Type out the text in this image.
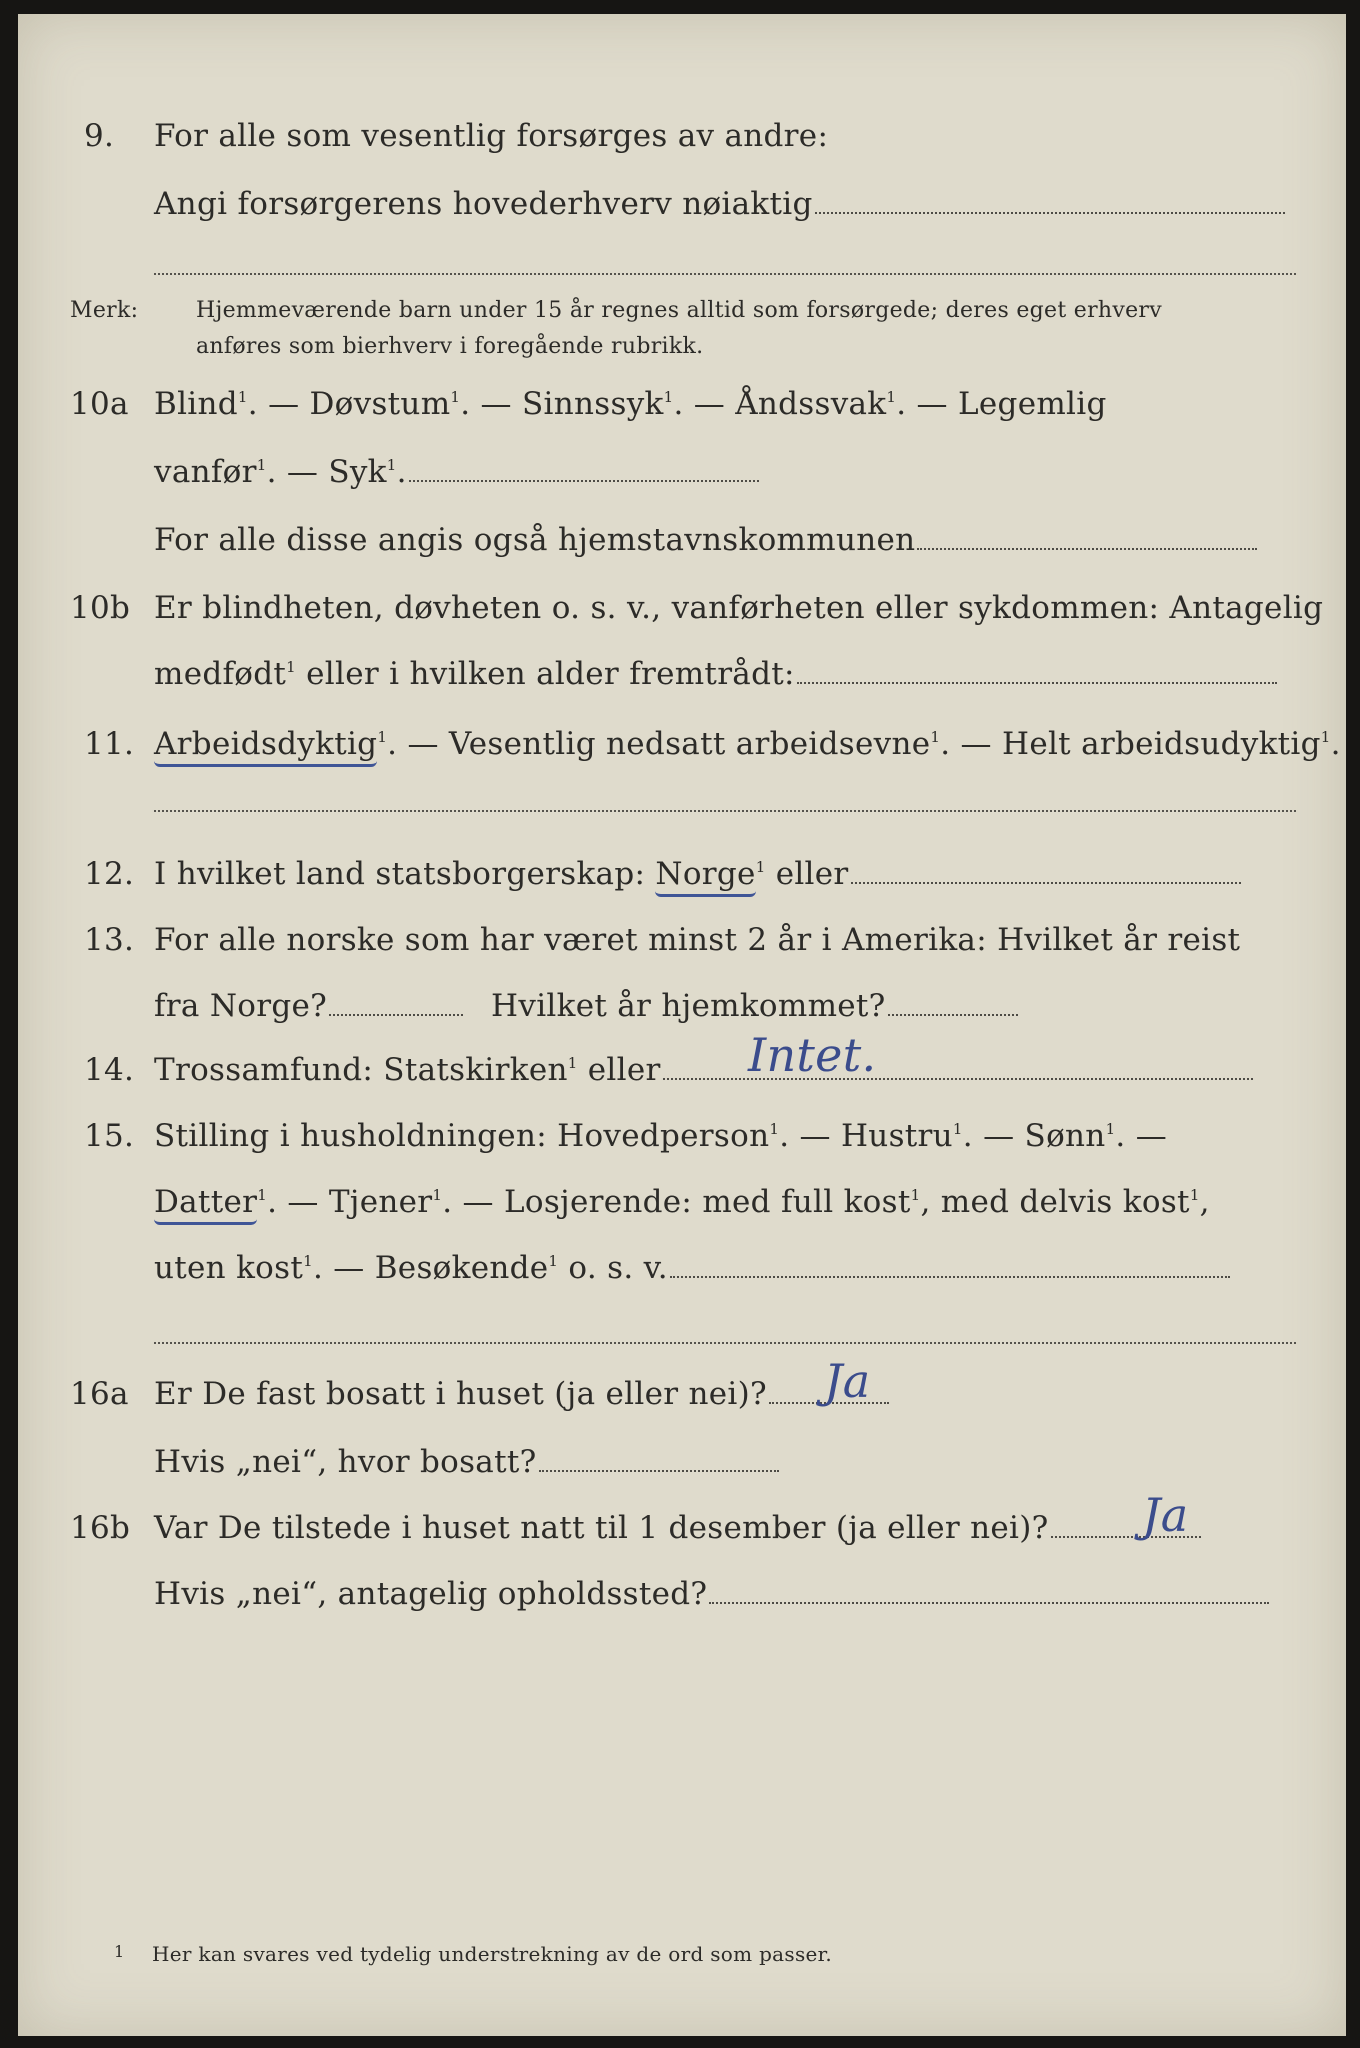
9. For alle som vesentlig forsørges av andre:
Angi forsørgerens hovederhverv nøiaktig
Merk:	Hjemmeværende barn under 15 år regnes alltid som forsørgede; deres eget erhverv
anføres som bierhverv i foregående rubrikk.
10a Blind$^1$. — Døvstum$^1$. — Sinnssyk$^1$. — Åndssvak$^1$. — Legemlig
vanfør$^1$. — Syk$^1$.
For alle disse angis også hjemstavnskommunen
10b Er blindheten, døvheten o. s. v., vanførheten eller sykdommen: Antagelig
medfødt$^1$ eller i hvilken alder fremtrådt:
11. Arbeidsdyktig$^1$. — Vesentlig nedsatt arbeidsevne$^1$. — Helt arbeidsudyktig$^1$.
12. I hvilket land statsborgerskap: Norge$^1$ eller
13. For alle norske som har været minst 2 år i Amerika: Hvilket år reist
fra Norge?	Hvilket år hjemkommet?
14. Trossamfund: Statskirken$^1$ eller	Intet.
15. Stilling i husholdningen: Hovedperson$^1$. — Hustru$^1$. — Sønn$^1$. —
Datter$^1$. — Tjener$^1$. — Losjerende: med full kost$^1$, med delvis kost$^1$,
uten kost$^1$. — Besøkende$^1$ o. s. v.
16a Er De fast bosatt i huset (ja eller nei)?	Ja
Hvis „nei“, hvor bosatt?
16b Var De tilstede i huset natt til 1 desember (ja eller nei)?	Ja
Hvis „nei“, antagelig opholdssted?
1 Her kan svares ved tydelig understrekning av de ord som passer.
